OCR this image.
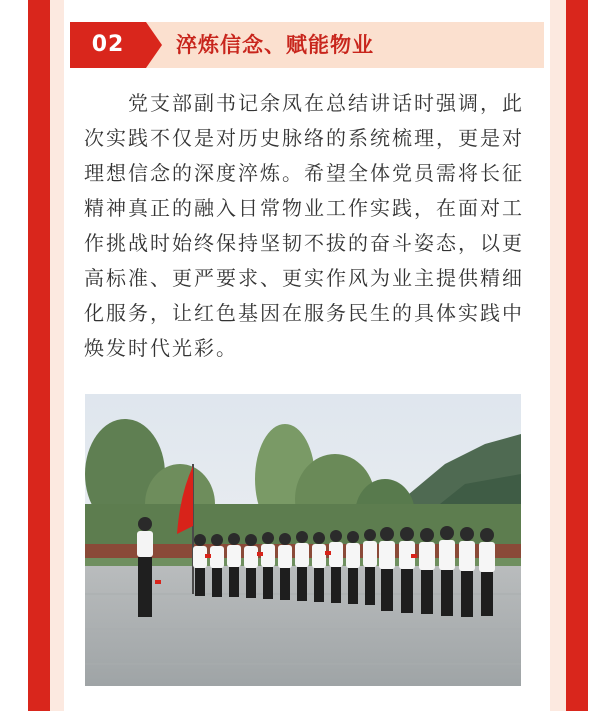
02	淬炼信念、赋能物业

党支部副书记余凤在总结讲话时强调，此次实践不仅是对历史脉络的系统梳理，更是对理想信念的深度淬炼。希望全体党员需将长征精神真正的融入日常物业工作实践，在面对工作挑战时始终保持坚韧不拔的奋斗姿态，以更高标准、更严要求、更实作风为业主提供精细化服务，让红色基因在服务民生的具体实践中焕发时代光彩。
